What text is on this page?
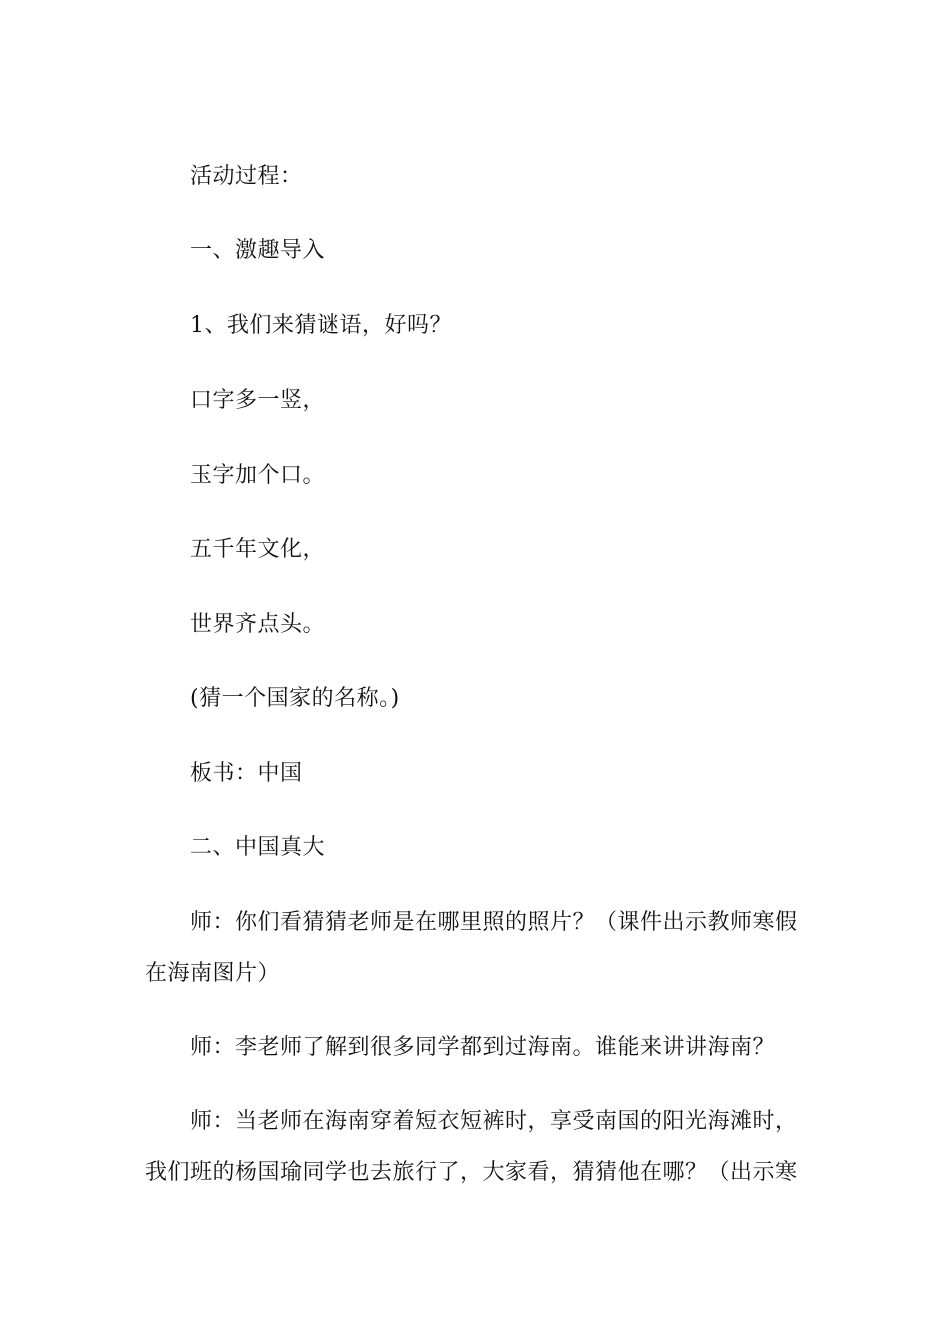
活动过程：

一、激趣导入

1、我们来猜谜语，好吗？

口字多一竖，

玉字加个口。

五千年文化，

世界齐点头。

(猜一个国家的名称。)

板书：中国

二、中国真大

师：你们看猜猜老师是在哪里照的照片？（课件出示教师寒假在海南图片）

师：李老师了解到很多同学都到过海南。谁能来讲讲海南？

师：当老师在海南穿着短衣短裤时，享受南国的阳光海滩时，我们班的杨国瑜同学也去旅行了，大家看，猜猜他在哪？（出示寒
